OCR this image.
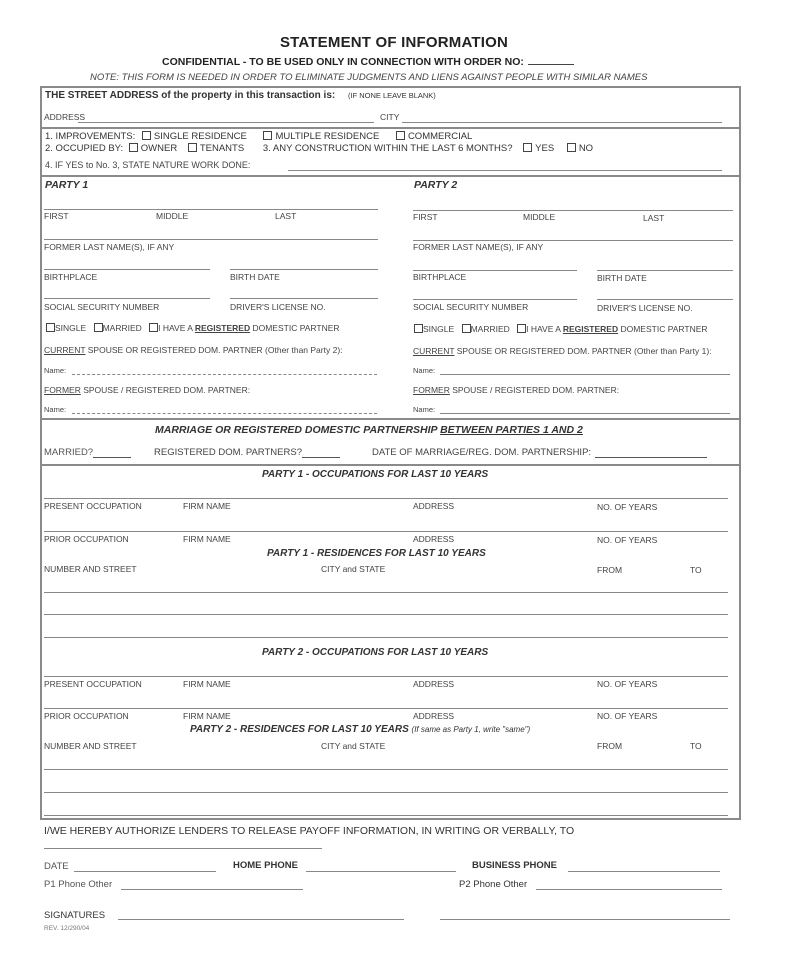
STATEMENT OF INFORMATION
CONFIDENTIAL - TO BE USED ONLY IN CONNECTION WITH ORDER NO:
NOTE: THIS FORM IS NEEDED IN ORDER TO ELIMINATE JUDGMENTS AND LIENS AGAINST PEOPLE WITH SIMILAR NAMES
THE STREET ADDRESS of the property in this transaction is: (IF NONE LEAVE BLANK)
ADDRESS	CITY
1. IMPROVEMENTS: SINGLE RESIDENCE	MULTIPLE RESIDENCE	COMMERCIAL
2. OCCUPIED BY: OWNER TENANTS 3. ANY CONSTRUCTION WITHIN THE LAST 6 MONTHS? YES	NO
4. IF YES to No. 3, STATE NATURE WORK DONE:
PARTY 1
FIRST	MIDDLE	LAST
FORMER LAST NAME(S), IF ANY
BIRTHPLACE	BIRTH DATE
SOCIAL SECURITY NUMBER	DRIVER'S LICENSE NO.
SINGLE MARRIED I HAVE A REGISTERED DOMESTIC PARTNER
CURRENT SPOUSE OR REGISTERED DOM. PARTNER (Other than Party 2):
Name:
FORMER SPOUSE / REGISTERED DOM. PARTNER:
Name:
PARTY 2
FIRST	MIDDLE	LAST
FORMER LAST NAME(S), IF ANY
BIRTHPLACE	BIRTH DATE
SOCIAL SECURITY NUMBER	DRIVER'S LICENSE NO.
SINGLE MARRIED I HAVE A REGISTERED DOMESTIC PARTNER
CURRENT SPOUSE OR REGISTERED DOM. PARTNER (Other than Party 1):
Name:
FORMER SPOUSE / REGISTERED DOM. PARTNER:
Name:
MARRIAGE OR REGISTERED DOMESTIC PARTNERSHIP BETWEEN PARTIES 1 AND 2
MARRIED?	REGISTERED DOM. PARTNERS?	DATE OF MARRIAGE/REG. DOM. PARTNERSHIP:
PARTY 1 - OCCUPATIONS FOR LAST 10 YEARS
PRESENT OCCUPATION	FIRM NAME	ADDRESS	NO. OF YEARS
PRIOR OCCUPATION	FIRM NAME	ADDRESS	NO. OF YEARS
PARTY 1 - RESIDENCES FOR LAST 10 YEARS
NUMBER AND STREET	CITY and STATE	FROM	TO
PARTY 2 - OCCUPATIONS FOR LAST 10 YEARS
PRESENT OCCUPATION	FIRM NAME	ADDRESS	NO. OF YEARS
PRIOR OCCUPATION	FIRM NAME	ADDRESS	NO. OF YEARS
PARTY 2 - RESIDENCES FOR LAST 10 YEARS (If same as Party 1, write "same")
NUMBER AND STREET	CITY and STATE	FROM	TO
I/WE HEREBY AUTHORIZE LENDERS TO RELEASE PAYOFF INFORMATION, IN WRITING OR VERBALLY, TO
DATE	HOME PHONE	BUSINESS PHONE
P1 Phone Other	P2 Phone Other
SIGNATURES
REV. 12/290/04
